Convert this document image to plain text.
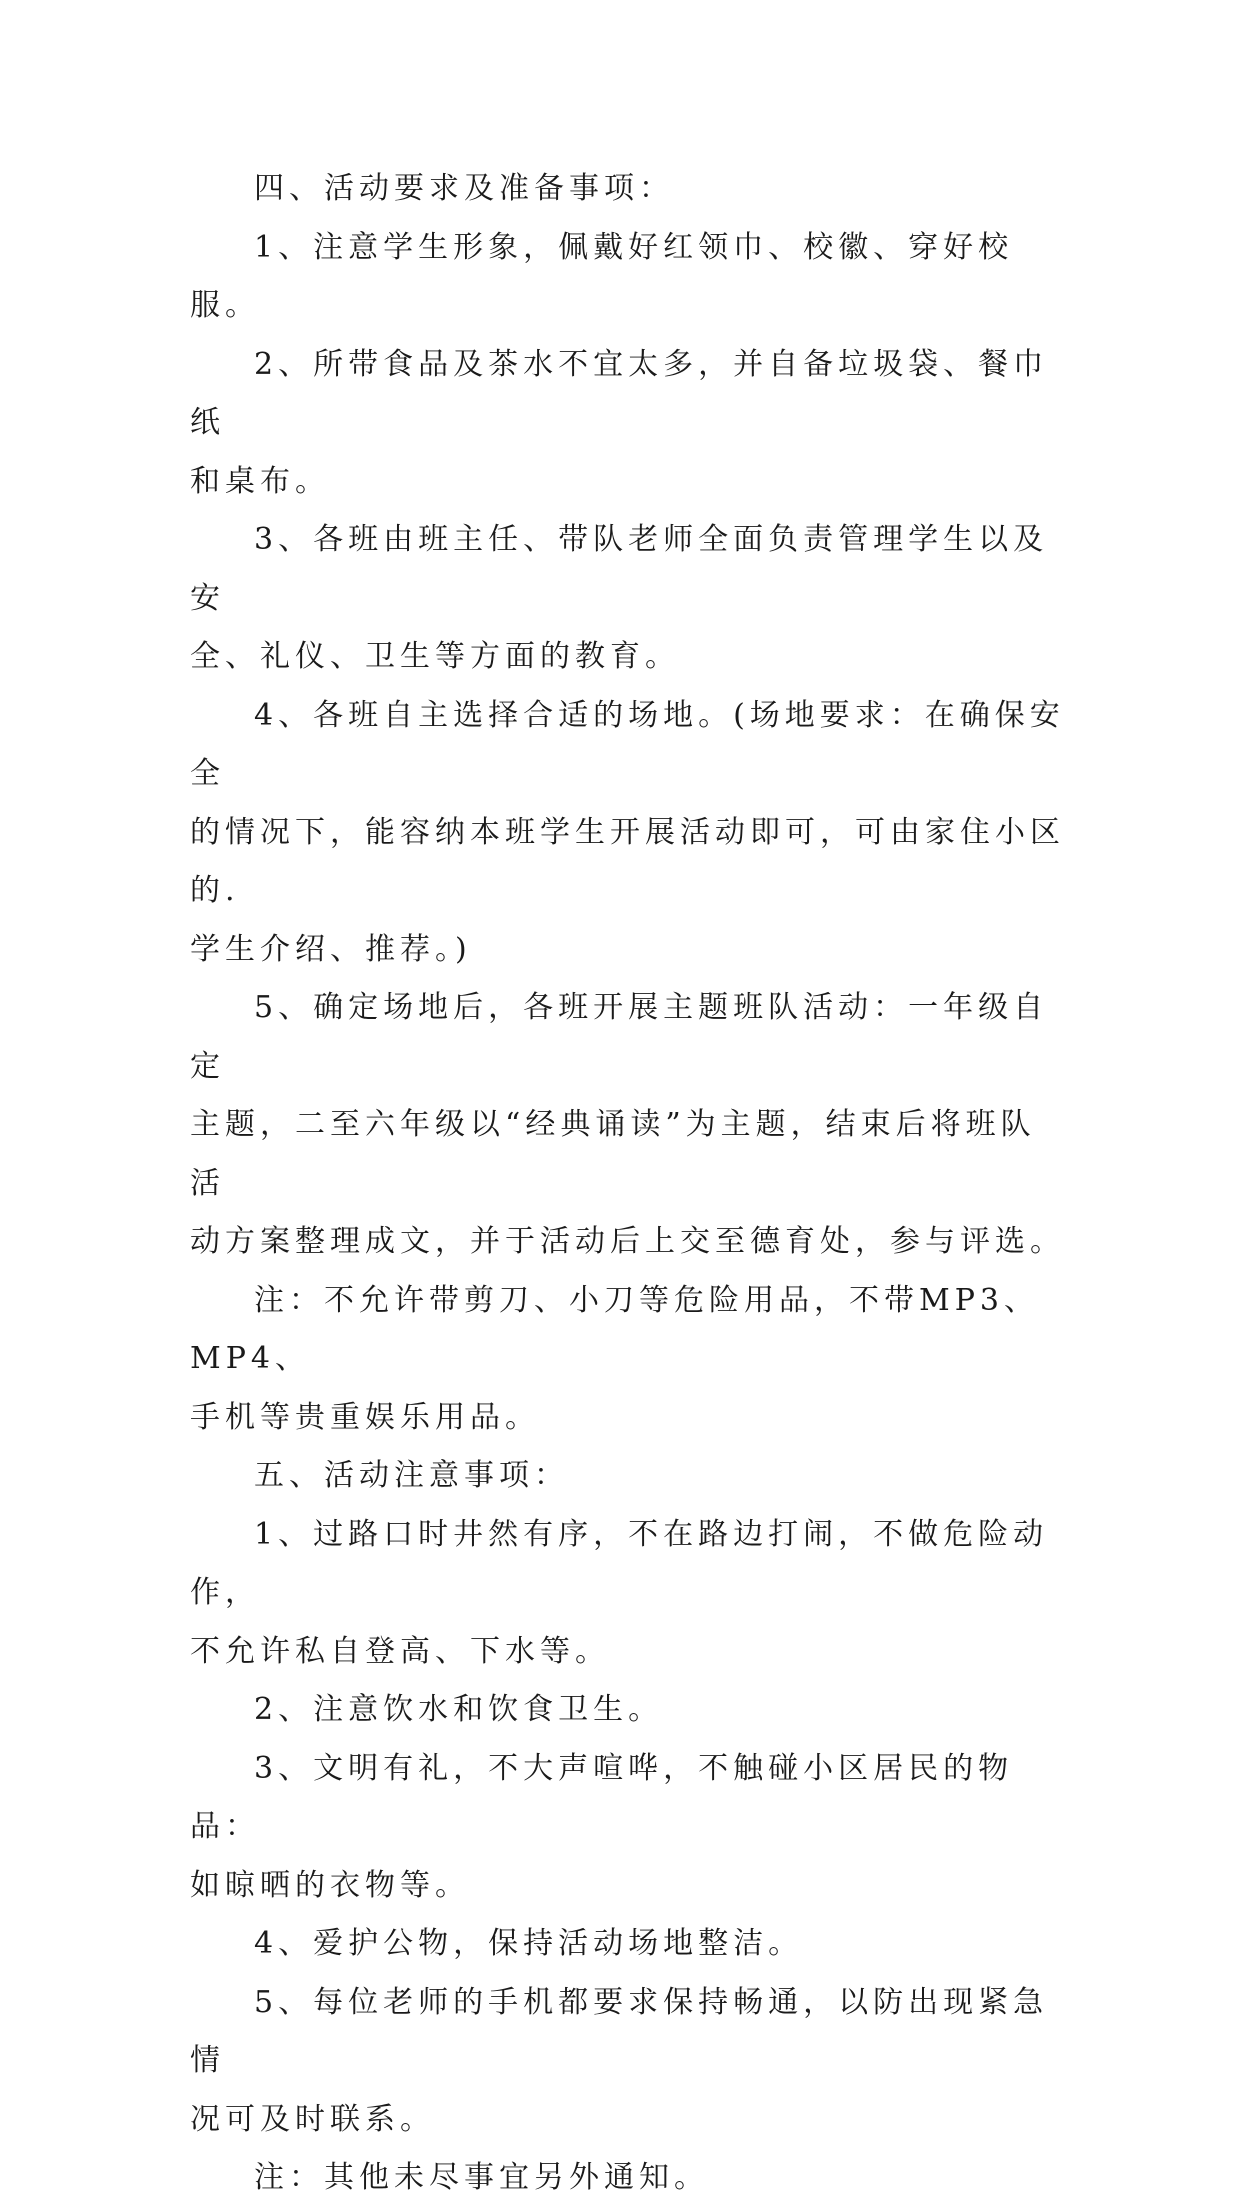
四、活动要求及准备事项：

1、注意学生形象，佩戴好红领巾、校徽、穿好校服。

2、所带食品及茶水不宜太多，并自备垃圾袋、餐巾纸

和桌布。

3、各班由班主任、带队老师全面负责管理学生以及安

全、礼仪、卫生等方面的教育。

4、各班自主选择合适的场地。(场地要求：在确保安全

的情况下，能容纳本班学生开展活动即可，可由家住小区的.

学生介绍、推荐。)

5、确定场地后，各班开展主题班队活动：一年级自定

主题，二至六年级以“经典诵读”为主题，结束后将班队活

动方案整理成文，并于活动后上交至德育处，参与评选。

注：不允许带剪刀、小刀等危险用品，不带MP3、MP4、

手机等贵重娱乐用品。

五、活动注意事项：

1、过路口时井然有序，不在路边打闹，不做危险动作，

不允许私自登高、下水等。

2、注意饮水和饮食卫生。

3、文明有礼，不大声喧哗，不触碰小区居民的物品：

如晾晒的衣物等。

4、爱护公物，保持活动场地整洁。

5、每位老师的手机都要求保持畅通，以防出现紧急情

况可及时联系。

注：其他未尽事宜另外通知。
